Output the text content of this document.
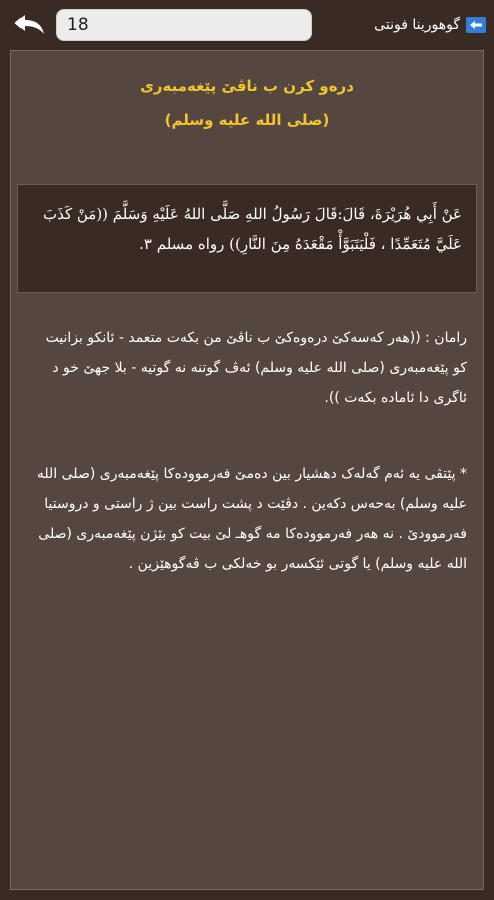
18
گوهورینا فونتی
درەو کرن ب ناڤێ پێغەمبەری
(صلی الله علیه وسلم)
عَنْ أَبِي هُرَيْرَةَ، قَالَ:قَالَ رَسُولُ اللهِ صَلَّى اللهُ عَلَيْهِ وَسَلَّمَ ((مَنْ كَذَبَ عَلَيَّ مُتَعَمِّدًا ، فَلْيَتَبَوَّأْ مَقْعَدَهُ مِنَ النَّارِ)) رواه مسلم ٣.
رامان : ((هەر کەسەکێ درەوەکێ ب ناڤێ من بکەت متعمد - ئانکو بزانیت کو پێغەمبەری (صلی الله علیه وسلم) ئەڤ گوتنە نە گوتیە - بلا جهێ خو د ئاگری دا ئامادە بکەت )).
* پێتڤی یە ئەم گەلەک دهشیار بین دەمێ فەرموودەکا پێغەمبەری (صلی الله علیه وسلم) بەحەس دکەین . دڤێت د پشت راست بین ژ راستی و دروستیا فەرموودێ . نە هەر فەرموودەکا مە گوهـ لێ بیت کو بێژن پێغەمبەری (صلی الله علیه وسلم) یا گوتی ئێکسەر بو خەلکی ب ڤەگوهێزین .
